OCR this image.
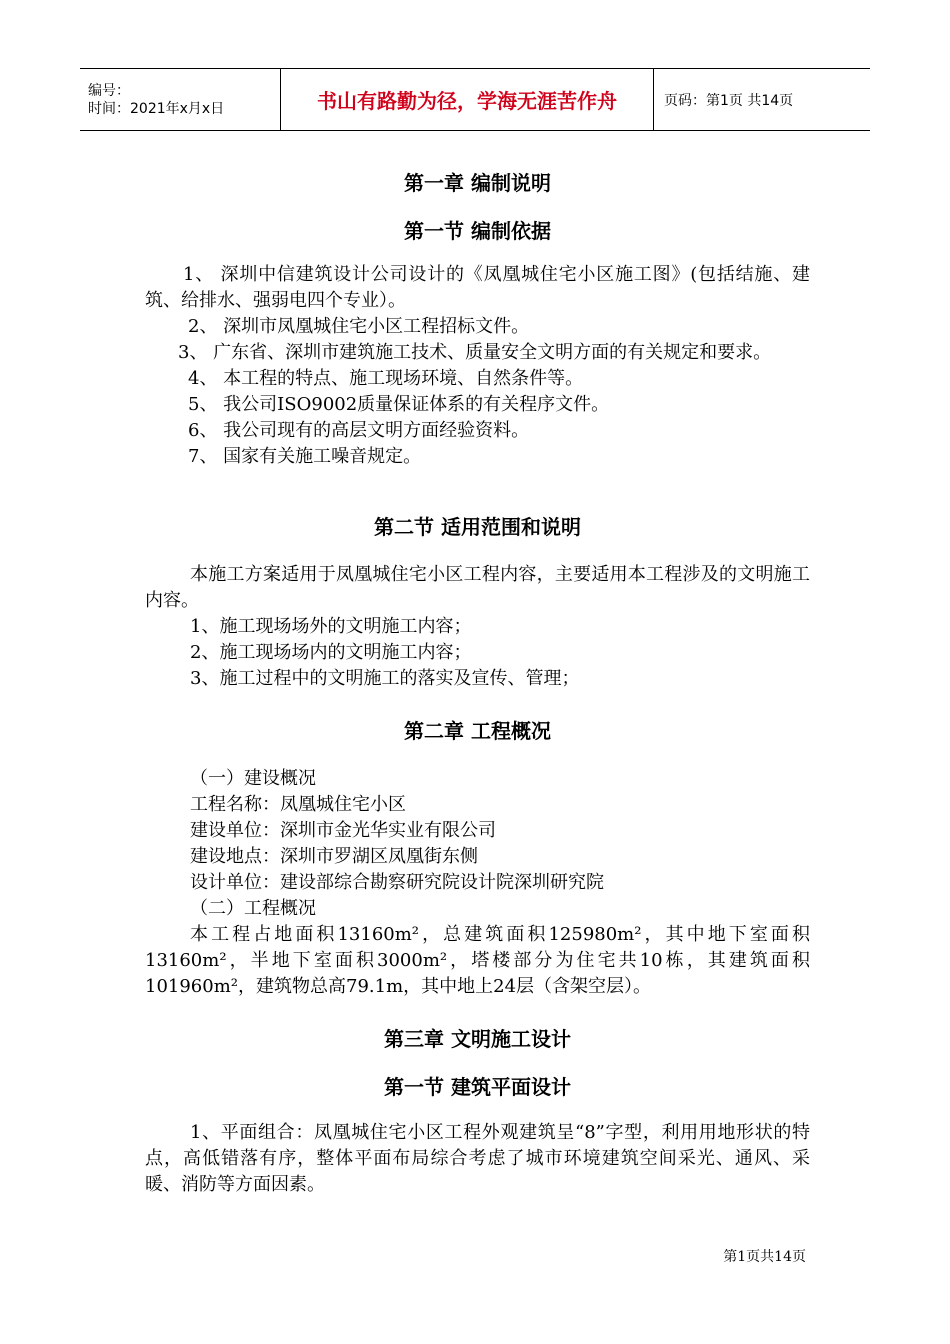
编号：
时间：2021年x月x日	书山有路勤为径，学海无涯苦作舟	页码：第1页 共14页

第一章 编制说明

第一节 编制依据

1、 深圳中信建筑设计公司设计的《凤凰城住宅小区施工图》(包括结施、建筑、给排水、强弱电四个专业）。

2、 深圳市凤凰城住宅小区工程招标文件。

3、 广东省、深圳市建筑施工技术、质量安全文明方面的有关规定和要求。

4、 本工程的特点、施工现场环境、自然条件等。

5、 我公司ISO9002质量保证体系的有关程序文件。

6、 我公司现有的高层文明方面经验资料。

7、 国家有关施工噪音规定。

第二节 适用范围和说明

本施工方案适用于凤凰城住宅小区工程内容，主要适用本工程涉及的文明施工内容。

1、施工现场场外的文明施工内容；

2、施工现场场内的文明施工内容；

3、施工过程中的文明施工的落实及宣传、管理；

第二章 工程概况

（一）建设概况

工程名称：凤凰城住宅小区

建设单位：深圳市金光华实业有限公司

建设地点：深圳市罗湖区凤凰街东侧

设计单位：建设部综合勘察研究院设计院深圳研究院

（二）工程概况

本工程占地面积13160m²，总建筑面积125980m²，其中地下室面积13160m²，半地下室面积3000m²，塔楼部分为住宅共10栋，其建筑面积101960m²，建筑物总高79.1m，其中地上24层（含架空层）。

第三章 文明施工设计

第一节 建筑平面设计

1、平面组合：凤凰城住宅小区工程外观建筑呈“8”字型，利用用地形状的特点，高低错落有序，整体平面布局综合考虑了城市环境建筑空间采光、通风、采暖、消防等方面因素。

第1页共14页
